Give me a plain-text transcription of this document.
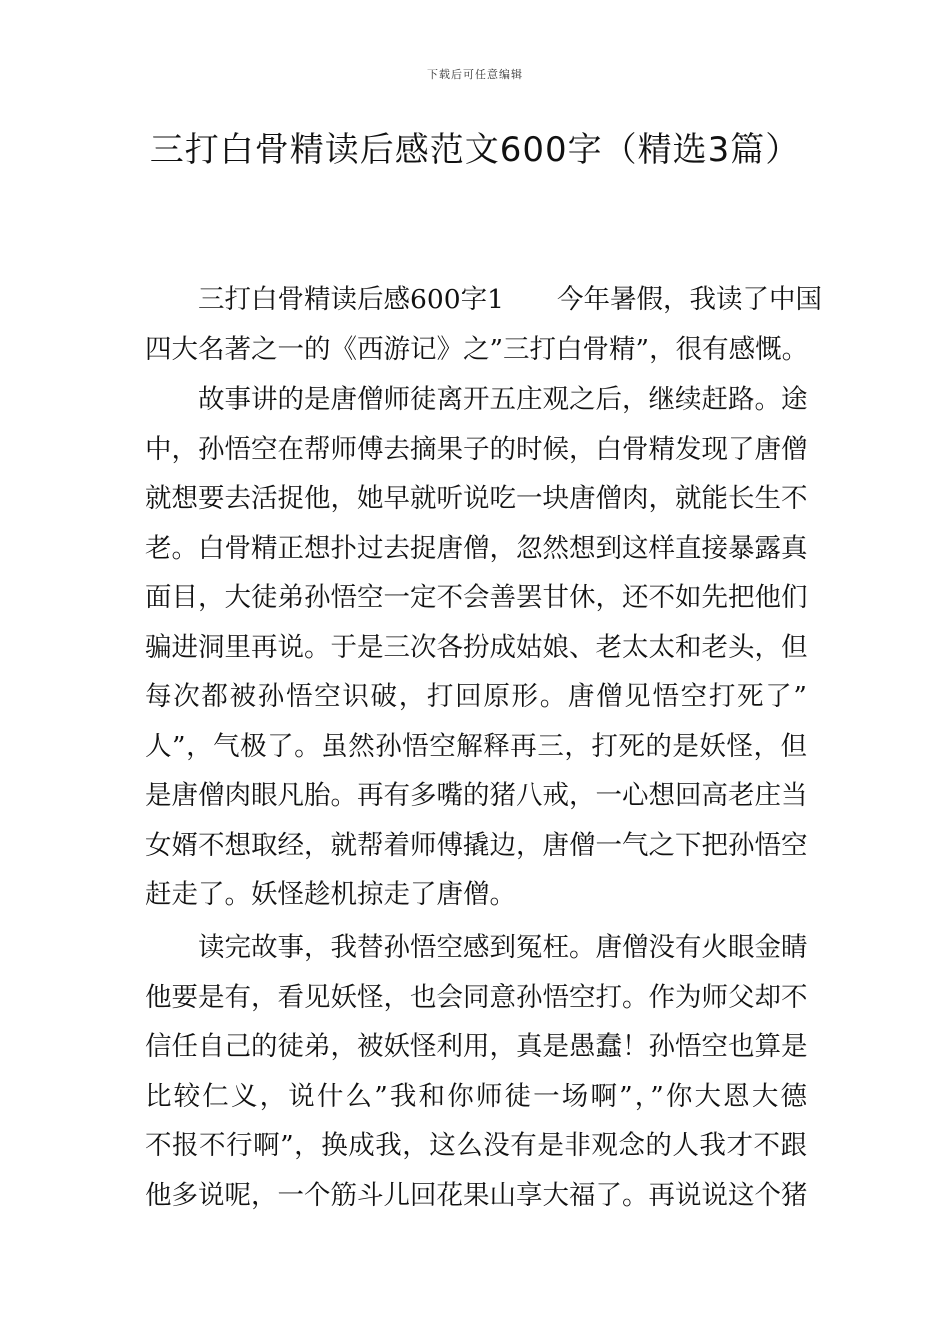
下载后可任意编辑
三打白骨精读后感范文600字（精选3篇）
三打白骨精读后感600字1　　今年暑假，我读了中国
四大名著之一的《西游记》之”三打白骨精”，很有感慨。
故事讲的是唐僧师徒离开五庄观之后，继续赶路。途
中，孙悟空在帮师傅去摘果子的时候，白骨精发现了唐僧
就想要去活捉他，她早就听说吃一块唐僧肉，就能长生不
老。白骨精正想扑过去捉唐僧，忽然想到这样直接暴露真
面目，大徒弟孙悟空一定不会善罢甘休，还不如先把他们
骗进洞里再说。于是三次各扮成姑娘、老太太和老头，但
每次都被孙悟空识破，打回原形。唐僧见悟空打死了”
人”，气极了。虽然孙悟空解释再三，打死的是妖怪，但
是唐僧肉眼凡胎。再有多嘴的猪八戒，一心想回高老庄当
女婿不想取经，就帮着师傅撬边，唐僧一气之下把孙悟空
赶走了。妖怪趁机掠走了唐僧。
读完故事，我替孙悟空感到冤枉。唐僧没有火眼金睛
他要是有，看见妖怪，也会同意孙悟空打。作为师父却不
信任自己的徒弟，被妖怪利用，真是愚蠢！孙悟空也算是
比较仁义，说什么”我和你师徒一场啊”，”你大恩大德
不报不行啊”，换成我，这么没有是非观念的人我才不跟
他多说呢，一个筋斗儿回花果山享大福了。再说说这个猪
